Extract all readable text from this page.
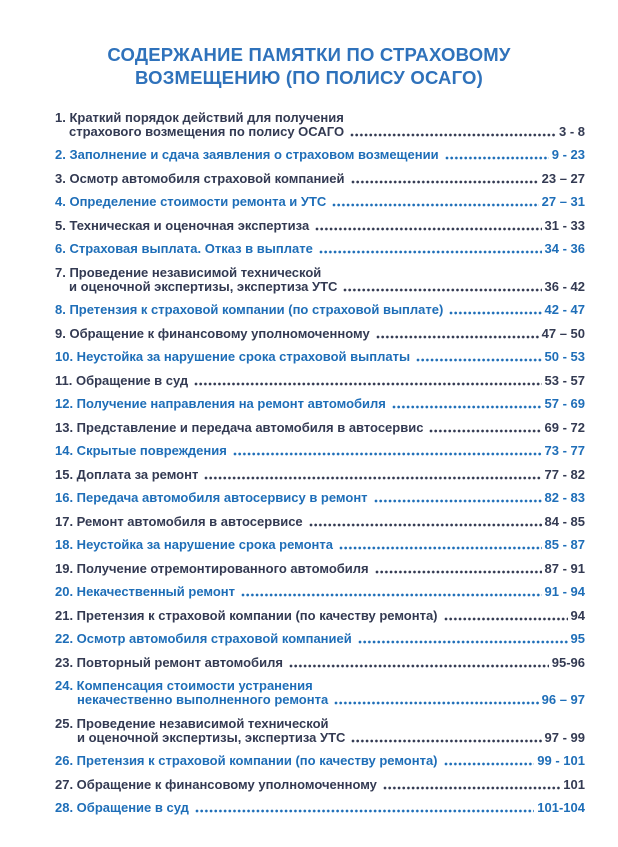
СОДЕРЖАНИЕ ПАМЯТКИ ПО СТРАХОВОМУ
ВОЗМЕЩЕНИЮ (ПО ПОЛИСУ ОСАГО)
1. Краткий порядок действий для получения
страхового возмещения по полису ОСАГО	3 - 8
2. Заполнение и сдача заявления о страховом возмещении	9 - 23
3. Осмотр автомобиля страховой компанией	23 – 27
4. Определение стоимости ремонта и УТС	27 – 31
5. Техническая и оценочная экспертиза	31 - 33
6. Страховая выплата. Отказ в выплате	34 - 36
7. Проведение независимой технической
и оценочной экспертизы, экспертиза УТС	36 - 42
8. Претензия к страховой компании (по страховой выплате)	42 - 47
9. Обращение к финансовому уполномоченному	47 – 50
10. Неустойка за нарушение срока страховой выплаты	50 - 53
11. Обращение в суд	53 - 57
12. Получение направления на ремонт автомобиля	57 - 69
13. Представление и передача автомобиля в автосервис	69 - 72
14. Скрытые повреждения	73 - 77
15. Доплата за ремонт	77 - 82
16. Передача автомобиля автосервису в ремонт	82 - 83
17. Ремонт автомобиля в автосервисе	84 - 85
18. Неустойка за нарушение срока ремонта	85 - 87
19. Получение отремонтированного автомобиля	87 - 91
20. Некачественный ремонт	91 - 94
21. Претензия к страховой компании (по качеству ремонта)	94
22. Осмотр автомобиля страховой компанией	95
23. Повторный ремонт автомобиля	95-96
24. Компенсация стоимости устранения
некачественно выполненного ремонта	96 – 97
25. Проведение независимой технической
и оценочной экспертизы, экспертиза УТС	97 - 99
26. Претензия к страховой компании (по качеству ремонта)	99 - 101
27. Обращение к финансовому уполномоченному	101
28. Обращение в суд	101-104
